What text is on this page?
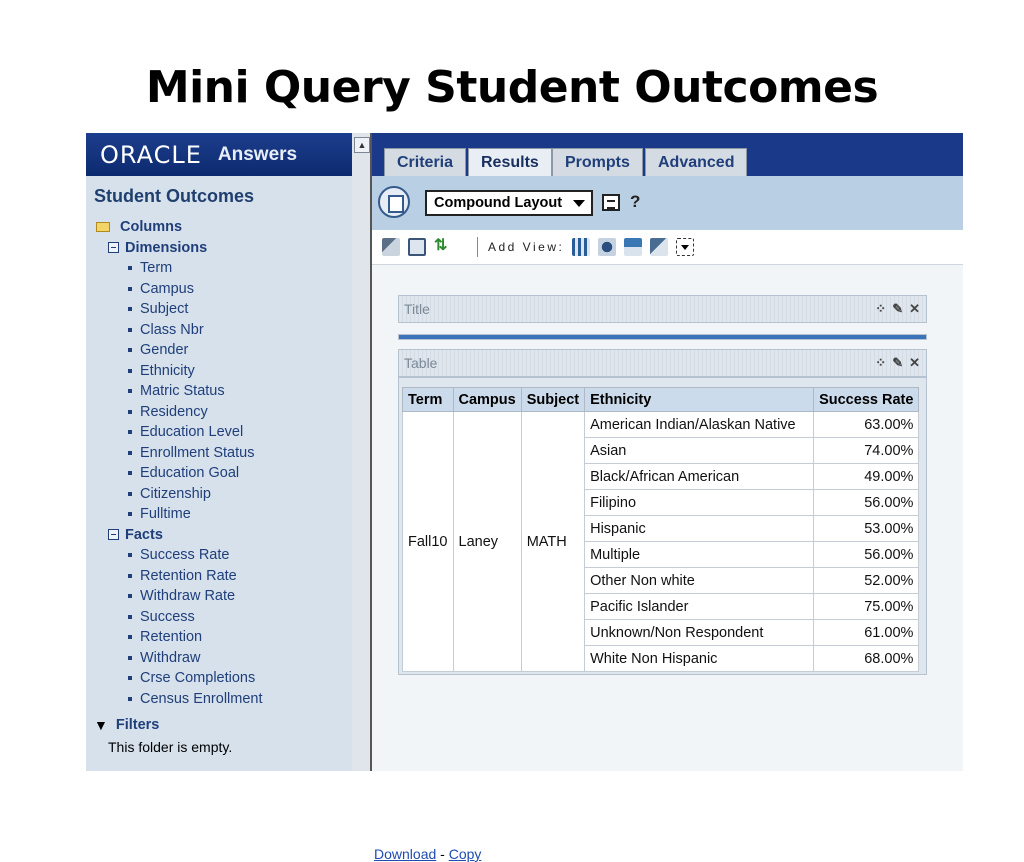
Mini Query Student Outcomes
ORACLE Answers
Student Outcomes
Columns
Dimensions
Term
Campus
Subject
Class Nbr
Gender
Ethnicity
Matric Status
Residency
Education Level
Enrollment Status
Education Goal
Citizenship
Fulltime
Facts
Success Rate
Retention Rate
Withdraw Rate
Success
Retention
Withdraw
Crse Completions
Census Enrollment
▼ Filters
This folder is empty.
▲
Criteria	Results	Prompts	Advanced
Compound Layout	?
⇅	Add View:
Title	⁘ ✎ ✕
Table	⁘ ✎ ✕
Term	Campus	Subject	Ethnicity	Success Rate
Fall10	Laney	MATH	American Indian/Alaskan Native	63.00%
			Asian	74.00%
			Black/African American	49.00%
			Filipino	56.00%
			Hispanic	53.00%
			Multiple	56.00%
			Other Non white	52.00%
			Pacific Islander	75.00%
			Unknown/Non Respondent	61.00%
			White Non Hispanic	68.00%
Download - Copy
